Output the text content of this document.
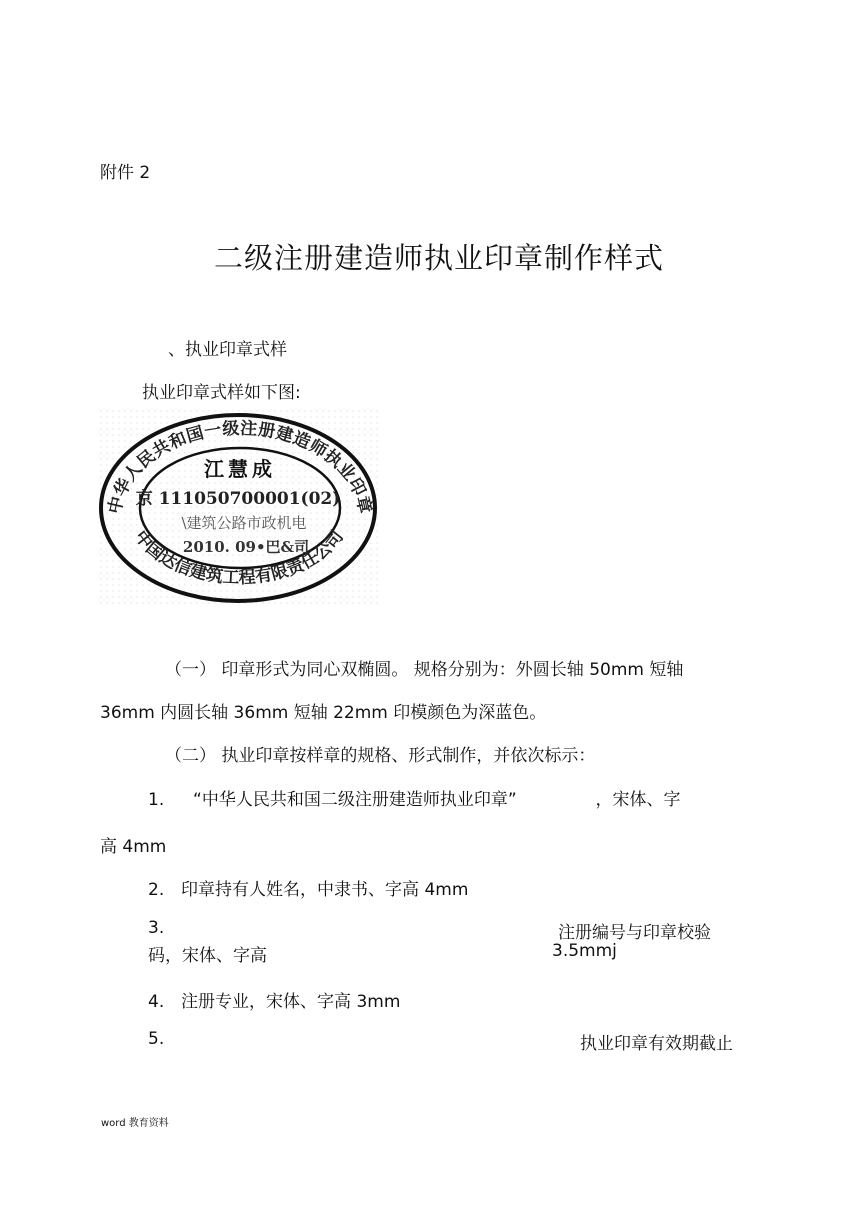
附件 2
二级注册建造师执业印章制作样式
、执业印章式样
执业印章式样如下图:
中华人民共和国一级注册建造师执业印章
中国达信建筑工程有限责任公司
江慧成
京 111050700001(02)
\建筑公路市政机电
2010. 09•巴&司
（一） 印章形式为同心双椭圆。 规格分别为：外圆长轴 50mm 短轴
36mm 内圆长轴 36mm 短轴 22mm 印模颜色为深蓝色。
（二） 执业印章按样章的规格、形式制作，并依次标示：
1. “中华人民共和国二级注册建造师执业印章”	，宋体、字
高 4mm
2. 印章持有人姓名，中隶书、字高 4mm
3.	注册编号与印章校验
码，宋体、字高	3.5mmj
4. 注册专业，宋体、字高 3mm
5.	执业印章有效期截止
word 教育资料
